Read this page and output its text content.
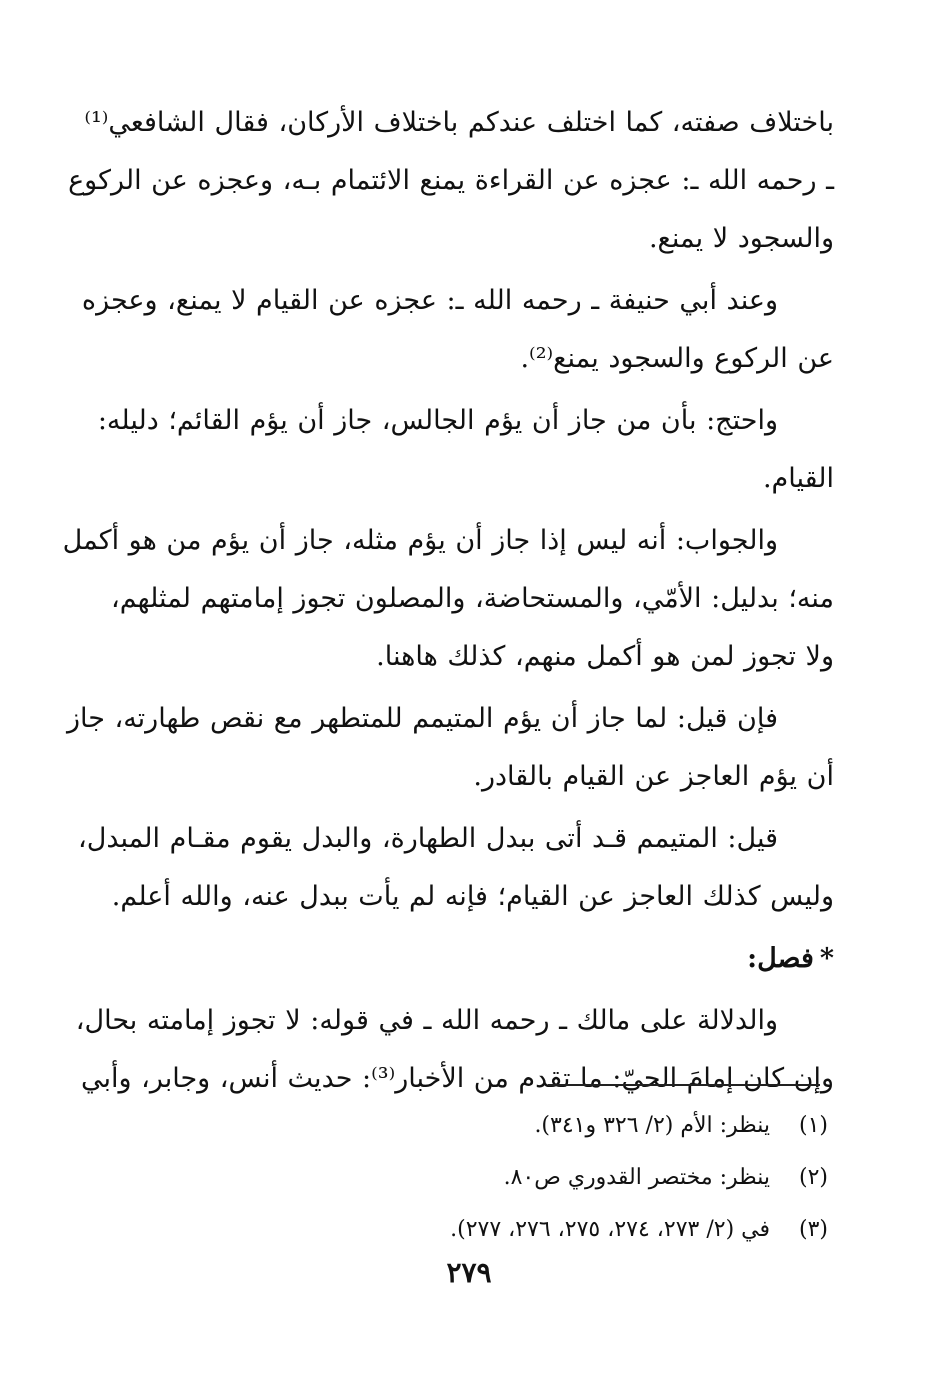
باختلاف صفته، كما اختلف عندكم باختلاف الأركان، فقال الشافعي⁽¹⁾
ـ رحمه الله ـ: عجزه عن القراءة يمنع الائتمام بـه، وعجزه عن الركوع
والسجود لا يمنع.
وعند أبي حنيفة ـ رحمه الله ـ: عجزه عن القيام لا يمنع، وعجزه
عن الركوع والسجود يمنع⁽²⁾.
واحتج: بأن من جاز أن يؤم الجالس، جاز أن يؤم القائم؛ دليله:
القيام.
والجواب: أنه ليس إذا جاز أن يؤم مثله، جاز أن يؤم من هو أكمل
منه؛ بدليل: الأمّي، والمستحاضة، والمصلون تجوز إمامتهم لمثلهم،
ولا تجوز لمن هو أكمل منهم، كذلك هاهنا.
فإن قيل: لما جاز أن يؤم المتيمم للمتطهر مع نقص طهارته، جاز
أن يؤم العاجز عن القيام بالقادر.
قيل: المتيمم قـد أتى ببدل الطهارة، والبدل يقوم مقـام المبدل،
وليس كذلك العاجز عن القيام؛ فإنه لم يأت ببدل عنه، والله أعلم.
*فصل:
والدلالة على مالك ـ رحمه الله ـ في قوله: لا تجوز إمامته بحال،
وإن كان إمامَ الحيّ: ما تقدم من الأخبار⁽³⁾: حديث أنس، وجابر، وأبي
(١)ينظر: الأم (٢/ ٣٢٦ و٣٤١).
(٢)ينظر: مختصر القدوري ص٨٠.
(٣)في (٢/ ٢٧٣، ٢٧٤، ٢٧٥، ٢٧٦، ٢٧٧).
٢٧٩
